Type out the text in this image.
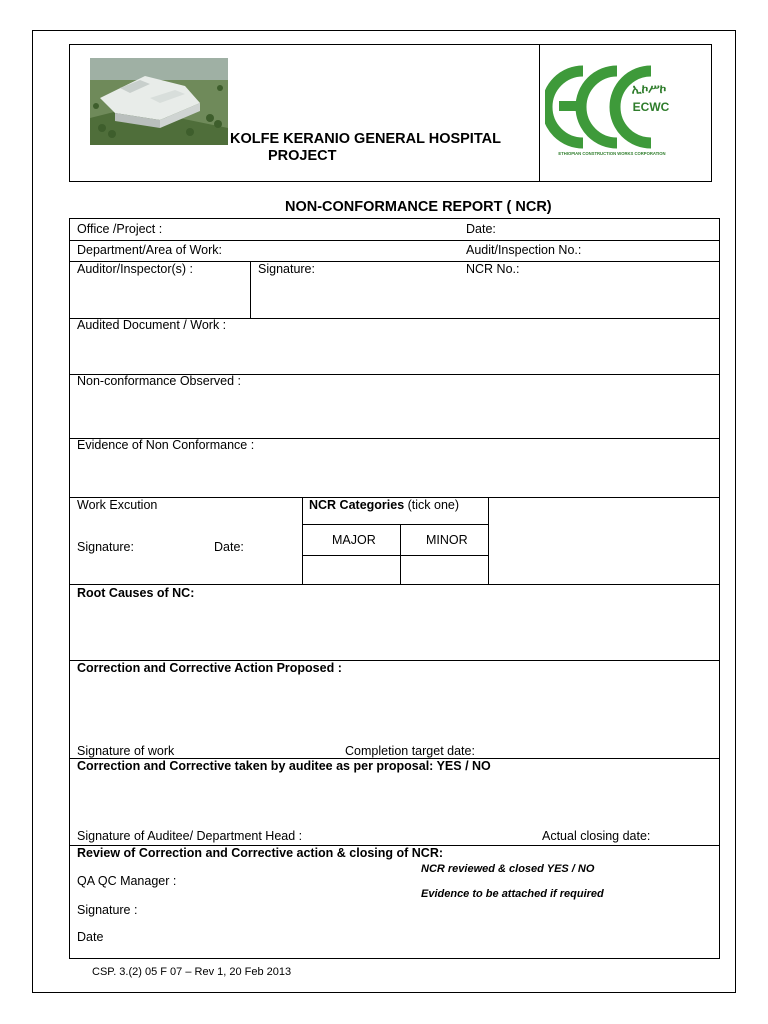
KOLFE KERANIO GENERAL HOSPITAL
PROJECT
ኢኮሥኮ
ECWC
ETHIOPIAN CONSTRUCTION WORKS CORPORATION
NON-CONFORMANCE REPORT ( NCR)
Office /Project :	Date:
Department/Area of Work:	Audit/Inspection No.:
Auditor/Inspector(s) :	Signature:	NCR No.:
Audited Document / Work :
Non-conformance Observed :
Evidence of Non Conformance :
Work Excution
Signature:	Date:
NCR Categories (tick one)
MAJOR	MINOR
Root Causes of NC:
Correction and Corrective Action Proposed :
Signature of work	Completion target date:
Correction and Corrective taken by auditee as per proposal: YES / NO
Signature of Auditee/ Department Head :	Actual closing date:
Review of Correction and Corrective action & closing of NCR:
NCR reviewed & closed YES / NO
QA QC Manager :
Evidence to be attached if required
Signature :
Date
CSP. 3.(2) 05 F 07 – Rev 1, 20 Feb 2013
